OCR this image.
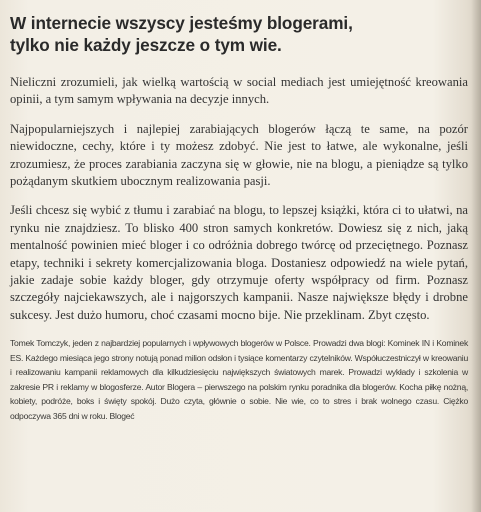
W internecie wszyscy jesteśmy blogerami,
tylko nie każdy jeszcze o tym wie.

Nieliczni zrozumieli, jak wielką wartością w social mediach jest umiejętność kreowania opinii, a tym samym wpływania na decyzje innych.

Najpopularniejszych i najlepiej zarabiających blogerów łączą te same, na pozór niewidoczne, cechy, które i ty możesz zdobyć. Nie jest to łatwe, ale wykonalne, jeśli zrozumiesz, że proces zarabiania zaczyna się w głowie, nie na blogu, a pieniądze są tylko pożądanym skutkiem ubocznym realizowania pasji.

Jeśli chcesz się wybić z tłumu i zarabiać na blogu, to lepszej książki, która ci to ułatwi, na rynku nie znajdziesz. To blisko 400 stron samych konkretów. Dowiesz się z nich, jaką mentalność powinien mieć bloger i co odróżnia dobrego twórcę od przeciętnego. Poznasz etapy, techniki i sekrety komercjalizowania bloga. Dostaniesz odpowiedź na wiele pytań, jakie zadaje sobie każdy bloger, gdy otrzymuje oferty współpracy od firm. Poznasz szczegóły najciekawszych, ale i najgorszych kampanii. Nasze największe błędy i drobne sukcesy. Jest dużo humoru, choć czasami mocno bije. Nie przeklinam. Zbyt często.

Tomek Tomczyk, jeden z najbardziej popularnych i wpływowych blogerów w Polsce. Prowadzi dwa blogi: Kominek IN i Kominek ES. Każdego miesiąca jego strony notują ponad milion odsłon i tysiące komentarzy czytelników. Współuczestniczył w kreowaniu i realizowaniu kampanii reklamowych dla kilkudziesięciu największych światowych marek. Prowadzi wykłady i szkolenia w zakresie PR i reklamy w blogosferze. Autor Blogera – pierwszego na polskim rynku poradnika dla blogerów. Kocha piłkę nożną, kobiety, podróże, boks i święty spokój. Dużo czyta, głównie o sobie. Nie wie, co to stres i brak wolnego czasu. Ciężko odpoczywa 365 dni w roku. Blogeć
